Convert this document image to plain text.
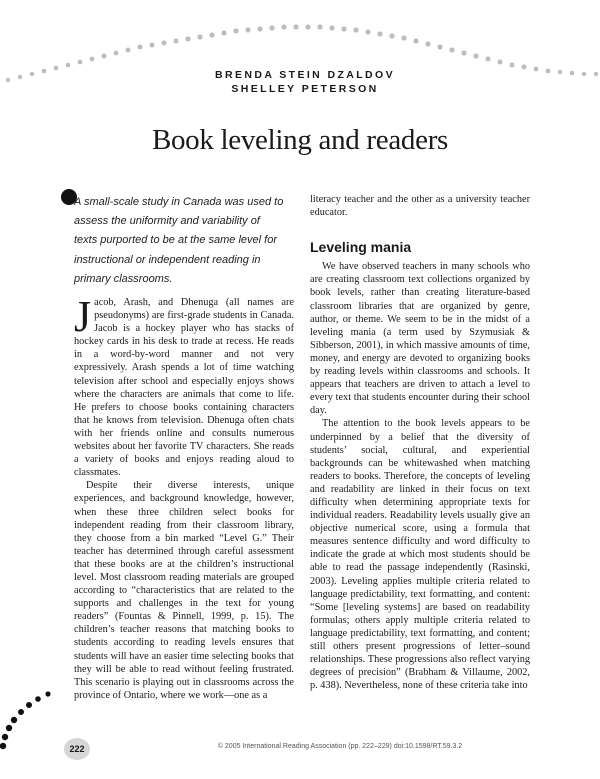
BRENDA STEIN DZALDOV
SHELLEY PETERSON
Book leveling and readers
A small-scale study in Canada was used to assess the uniformity and variability of texts purported to be at the same level for instructional or independent reading in primary classrooms.

Jacob, Arash, and Dhenuga (all names are pseudonyms) are first-grade students in Canada. Jacob is a hockey player who has stacks of hockey cards in his desk to trade at recess. He reads in a word-by-word manner and not very expressively. Arash spends a lot of time watching television after school and especially enjoys shows where the characters are animals that come to life. He prefers to choose books containing characters that he knows from television. Dhenuga often chats with her friends online and consults numerous websites about her favorite TV characters. She reads a variety of books and enjoys reading aloud to classmates.

Despite their diverse interests, unique experiences, and background knowledge, however, when these three children select books for independent reading from their classroom library, they choose from a bin marked “Level G.” Their teacher has determined through careful assessment that these books are at the children’s instructional level. Most classroom reading materials are grouped according to “characteristics that are related to the supports and challenges in the text for young readers” (Fountas & Pinnell, 1999, p. 15). The children’s teacher reasons that matching books to students according to reading levels ensures that students will have an easier time selecting books that they will be able to read without feeling frustrated. This scenario is playing out in classrooms across the province of Ontario, where we work—one as a

literacy teacher and the other as a university teacher educator.

Leveling mania

We have observed teachers in many schools who are creating classroom text collections organized by book levels, rather than creating literature-based classroom libraries that are organized by genre, author, or theme. We seem to be in the midst of a leveling mania (a term used by Szymusiak & Sibberson, 2001), in which massive amounts of time, money, and energy are devoted to organizing books by reading levels within classrooms and schools. It appears that teachers are driven to attach a level to every text that students encounter during their school day.

The attention to the book levels appears to be underpinned by a belief that the diversity of students’ social, cultural, and experiential backgrounds can be whitewashed when matching readers to books. Therefore, the concepts of leveling and readability are linked in their focus on text difficulty when determining appropriate texts for individual readers. Readability levels usually give an objective numerical score, using a formula that measures sentence difficulty and word difficulty to indicate the grade at which most students should be able to read the passage independently (Rasinski, 2003). Leveling applies multiple criteria related to language predictability, text formatting, and content: “Some [leveling systems] are based on readability formulas; others apply multiple criteria related to language predictability, text formatting, and content; still others present progressions of letter–sound relationships. These progressions also reflect varying degrees of precision” (Brabham & Villaume, 2002, p. 438). Nevertheless, none of these criteria take into

222	© 2005 International Reading Association (pp. 222–229) doi:10.1598/RT.59.3.2
